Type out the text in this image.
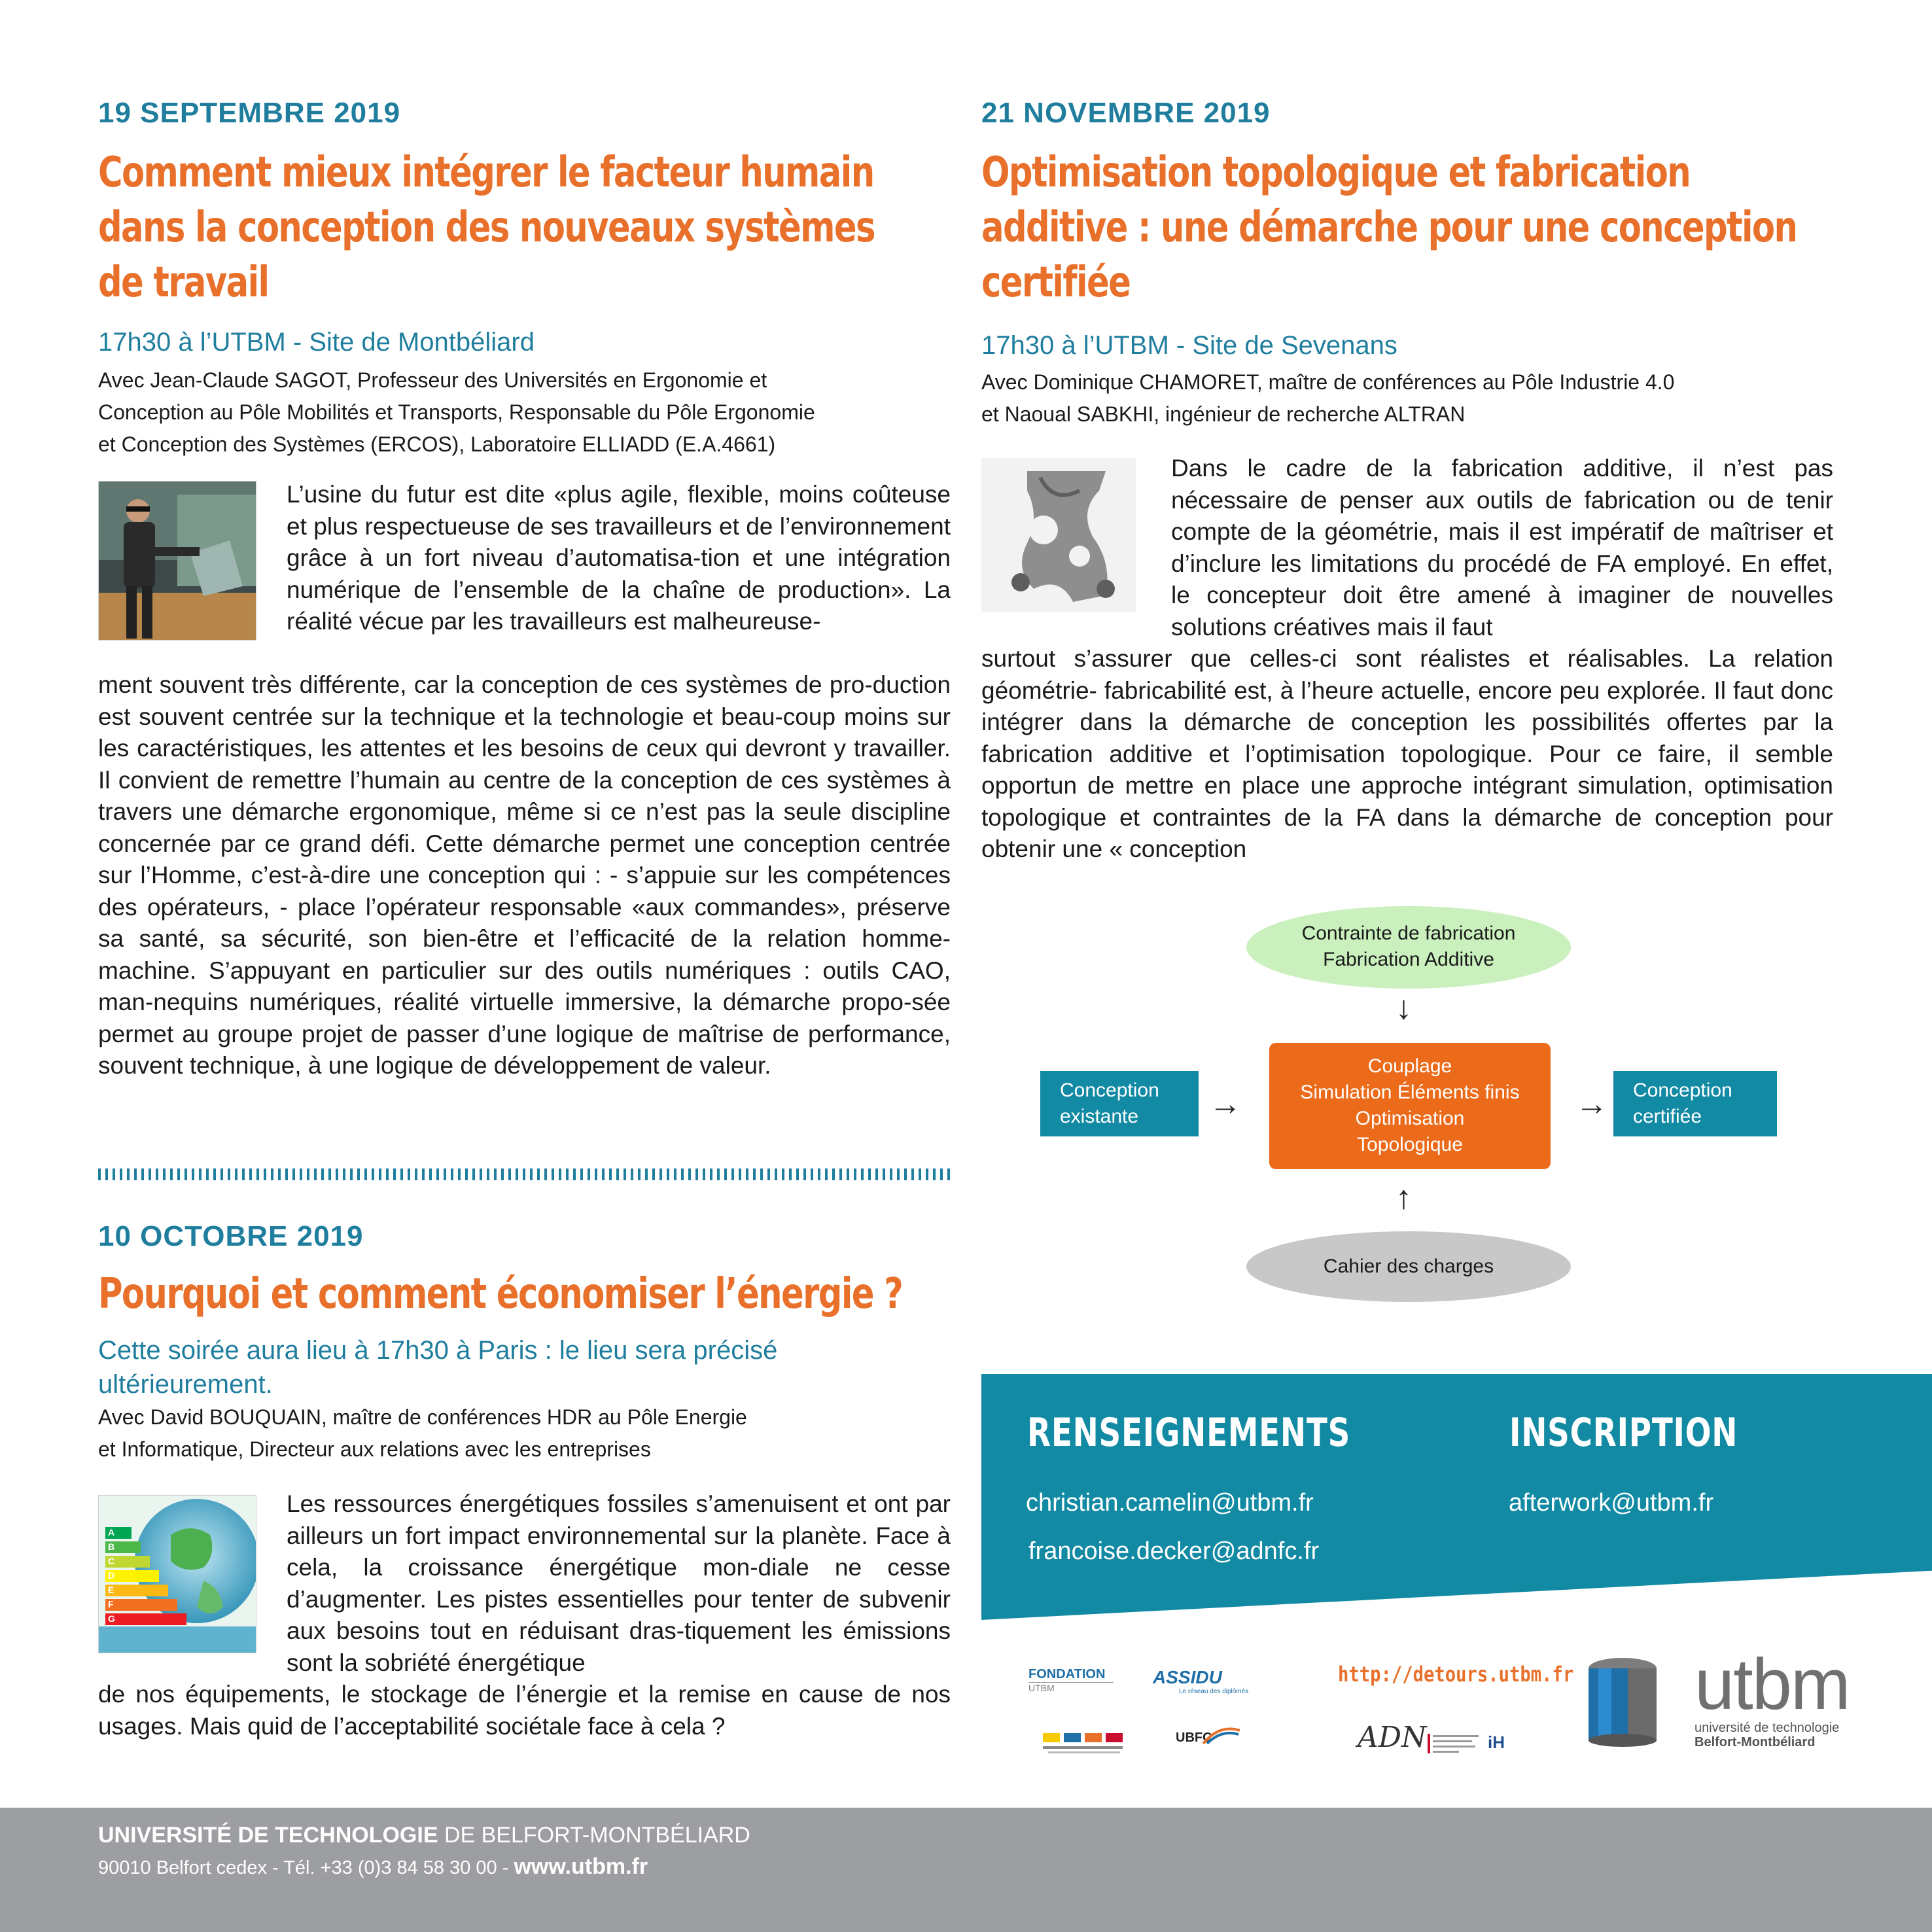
19 SEPTEMBRE 2019
Comment mieux intégrer le facteur humain
dans la conception des nouveaux systèmes
de travail
17h30 à l’UTBM - Site de Montbéliard
Avec Jean-Claude SAGOT, Professeur des Universités en Ergonomie et
Conception au Pôle Mobilités et Transports, Responsable du Pôle Ergonomie
et Conception des Systèmes (ERCOS), Laboratoire ELLIADD (E.A.4661)
L’usine du futur est dite «plus agile, flexible, moins coûteuse et plus respectueuse de ses travailleurs et de l’environnement grâce à un fort niveau d’automatisa-tion et une intégration numérique de l’ensemble de la chaîne de production». La réalité vécue par les travailleurs est malheureuse-
ment souvent très différente, car la conception de ces systèmes de pro-duction est souvent centrée sur la technique et la technologie et beau-coup moins sur les caractéristiques, les attentes et les besoins de ceux qui devront y travailler. Il convient de remettre l’humain au centre de la conception de ces systèmes à travers une démarche ergonomique, même si ce n’est pas la seule discipline concernée par ce grand défi. Cette démarche permet une conception centrée sur l’Homme, c’est-à-dire une conception qui : - s’appuie sur les compétences des opérateurs, - place l’opérateur responsable «aux commandes», préserve sa santé, sa sécurité, son bien-être et l’efficacité de la relation homme-machine. S’appuyant en particulier sur des outils numériques : outils CAO, man-nequins numériques, réalité virtuelle immersive, la démarche propo-sée permet au groupe projet de passer d’une logique de maîtrise de performance, souvent technique, à une logique de développement de valeur.
10 OCTOBRE 2019
Pourquoi et comment économiser l’énergie ?
Cette soirée aura lieu à 17h30 à Paris : le lieu sera précisé
ultérieurement.
Avec David BOUQUAIN, maître de conférences HDR au Pôle Energie
et Informatique, Directeur aux relations avec les entreprises
A
B
C
D
E
F
G
Les ressources énergétiques fossiles s’amenuisent et ont par ailleurs un fort impact environnemental sur la planète. Face à cela, la croissance énergétique mon-diale ne cesse d’augmenter. Les pistes essentielles pour tenter de subvenir aux besoins tout en réduisant dras-tiquement les émissions sont la sobriété énergétique
de nos équipements, le stockage de l’énergie et la remise en cause de nos usages. Mais quid de l’acceptabilité sociétale face à cela ?
21 NOVEMBRE 2019
Optimisation topologique et fabrication
additive : une démarche pour une conception
certifiée
17h30 à l’UTBM - Site de Sevenans
Avec Dominique CHAMORET, maître de conférences au Pôle Industrie 4.0
et Naoual SABKHI, ingénieur de recherche ALTRAN
Dans le cadre de la fabrication additive, il n’est pas nécessaire de penser aux outils de fabrication ou de tenir compte de la géométrie, mais il est impératif de maîtriser et d’inclure les limitations du procédé de FA employé. En effet, le concepteur doit être amené à imaginer de nouvelles solutions créatives mais il faut
surtout s’assurer que celles-ci sont réalistes et réalisables. La relation géométrie- fabricabilité est, à l’heure actuelle, encore peu explorée. Il faut donc intégrer dans la démarche de conception les possibilités offertes par la fabrication additive et l’optimisation topologique. Pour ce faire, il semble opportun de mettre en place une approche intégrant simulation, optimisation topologique et contraintes de la FA dans la démarche de conception pour obtenir une « conception
Contrainte de fabrication
Fabrication Additive
↓
Couplage
Simulation Éléments finis
Optimisation
Topologique
Conception
existante	→	→ Conception
certifiée
↑
Cahier des charges
RENSEIGNEMENTS	INSCRIPTION
christian.camelin@utbm.fr
francoise.decker@adnfc.fr
afterwork@utbm.fr
FONDATION
UTBM
ASSIDU
Le réseau des diplômés
http://detours.utbm.fr
UBFC	ADN	iH
utbm
université de technologie
Belfort-Montbéliard
UNIVERSITÉ DE TECHNOLOGIE DE BELFORT-MONTBÉLIARD
90010 Belfort cedex - Tél. +33 (0)3 84 58 30 00 - www.utbm.fr
